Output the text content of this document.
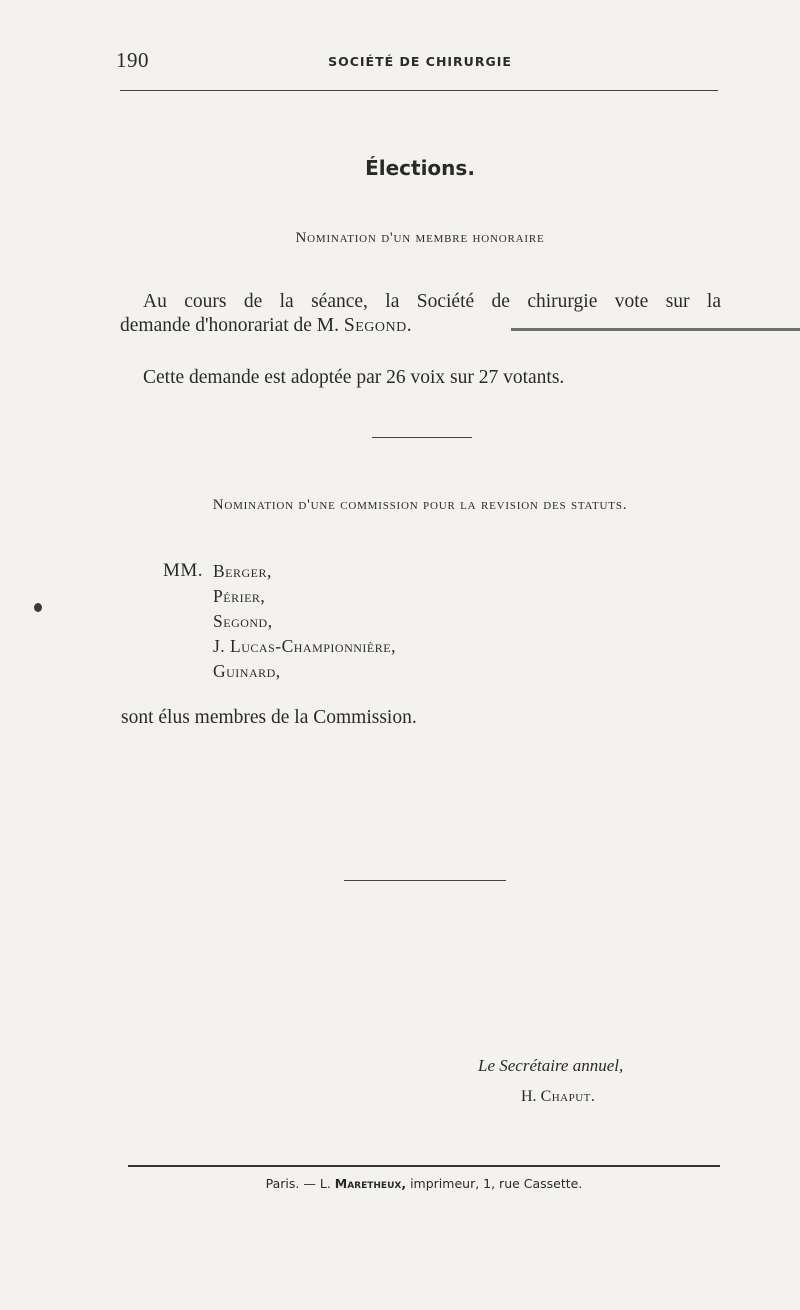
190	SOCIÉTÉ DE CHIRURGIE
Élections.
Nomination d'un membre honoraire
Au cours de la séance, la Société de chirurgie vote sur la
demande d'honorariat de M. Segond.
Cette demande est adoptée par 26 voix sur 27 votants.
Nomination d'une commission pour la revision des statuts.
MM. Berger,
Périer,
Segond,
J. Lucas-Championnière,
Guinard,
sont élus membres de la Commission.
Le Secrétaire annuel,
H. Chaput.
Paris. — L. Maretheux, imprimeur, 1, rue Cassette.
